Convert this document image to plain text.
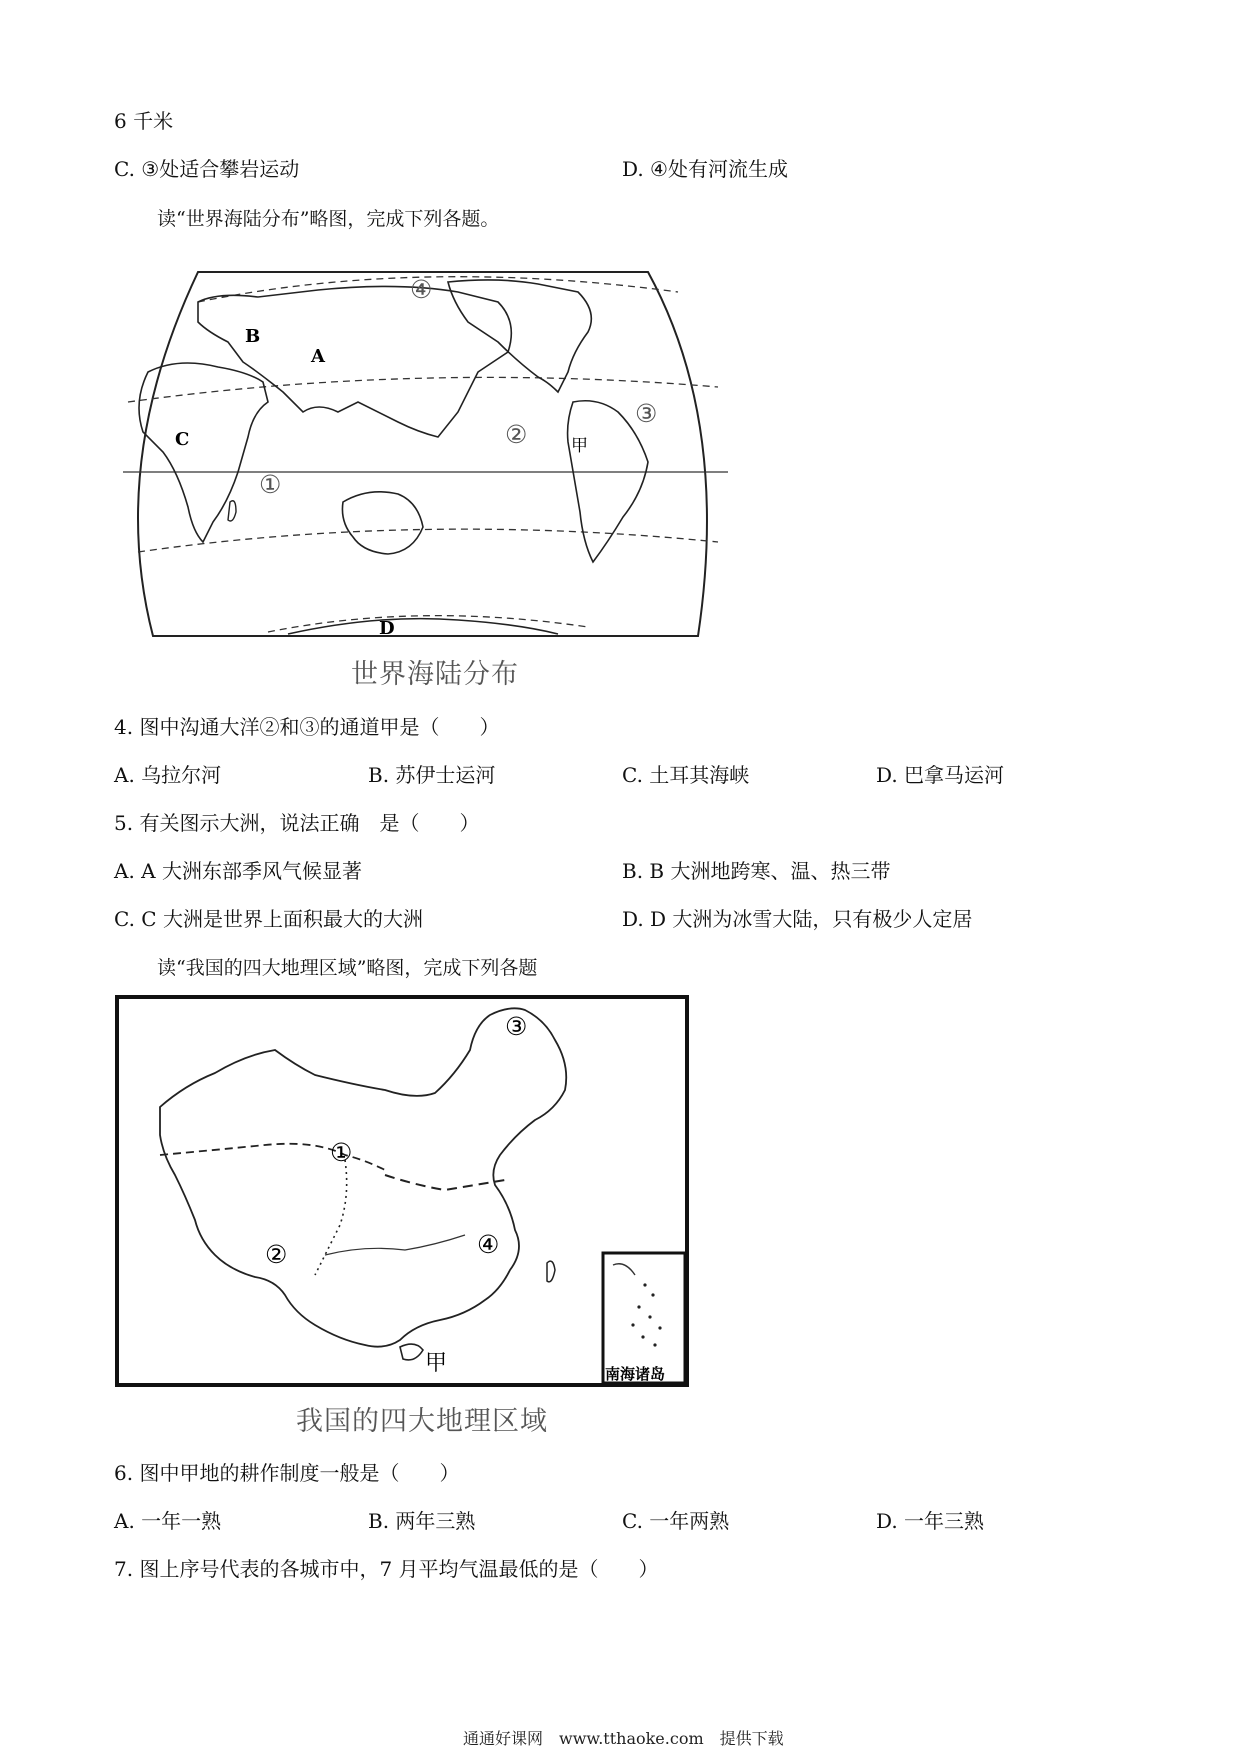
6 千米
C. ③处适合攀岩运动	D. ④处有河流生成
读“世界海陆分布”略图，完成下列各题。
B
A
C
D
甲
①
②
③
④
世界海陆分布
4. 图中沟通大洋②和③的通道甲是（　　）
A. 乌拉尔河	B. 苏伊士运河	C. 土耳其海峡	D. 巴拿马运河
5. 有关图示大洲，说法正确　是（　　）
A. A 大洲东部季风气候显著	B. B 大洲地跨寒、温、热三带
C. C 大洲是世界上面积最大的大洲	D. D 大洲为冰雪大陆，只有极少人定居
读“我国的四大地理区域”略图，完成下列各题
南海诸岛
①
②
③
④
甲
我国的四大地理区域
6. 图中甲地的耕作制度一般是（　　）
A. 一年一熟	B. 两年三熟	C. 一年两熟	D. 一年三熟
7. 图上序号代表的各城市中，7 月平均气温最低的是（　　）
通通好课网　www.tthaoke.com　提供下载
